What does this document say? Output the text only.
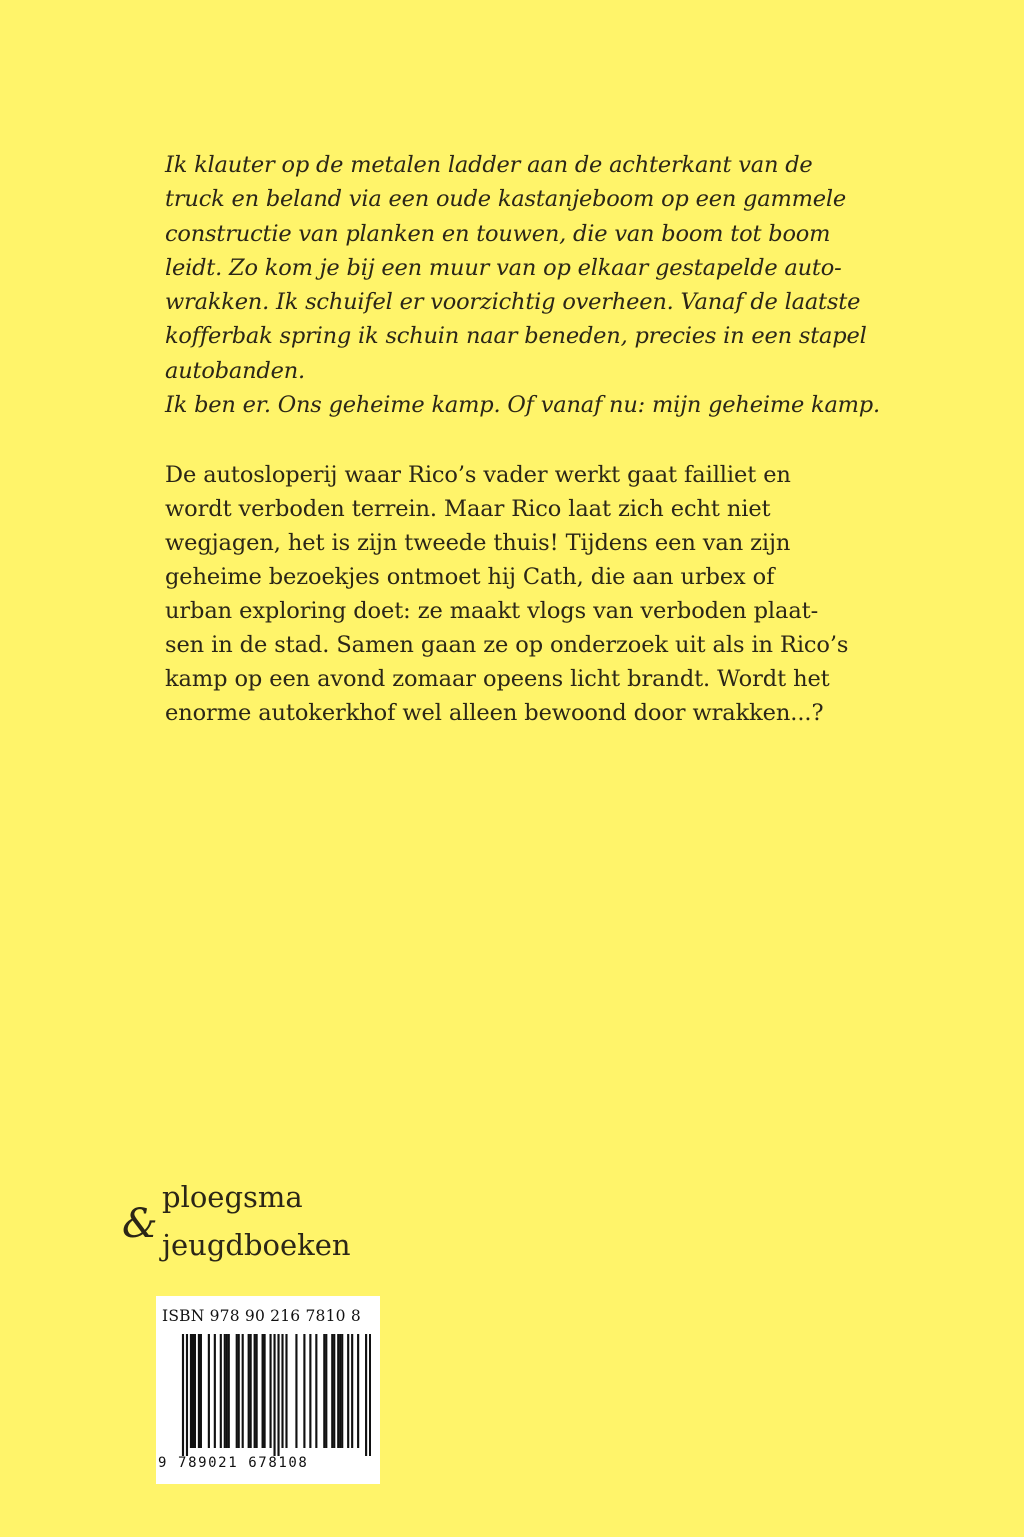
Ik klauter op de metalen ladder aan de achterkant van de
truck en beland via een oude kastanjeboom op een gammele
constructie van planken en touwen, die van boom tot boom
leidt. Zo kom je bij een muur van op elkaar gestapelde auto-
wrakken. Ik schuifel er voorzichtig overheen. Vanaf de laatste
kofferbak spring ik schuin naar beneden, precies in een stapel
autobanden.
Ik ben er. Ons geheime kamp. Of vanaf nu: mijn geheime kamp.
De autosloperij waar Rico’s vader werkt gaat failliet en
wordt verboden terrein. Maar Rico laat zich echt niet
wegjagen, het is zijn tweede thuis! Tijdens een van zijn
geheime bezoekjes ontmoet hij Cath, die aan urbex of
urban exploring doet: ze maakt vlogs van verboden plaat-
sen in de stad. Samen gaan ze op onderzoek uit als in Rico’s
kamp op een avond zomaar opeens licht brandt. Wordt het
enorme autokerkhof wel alleen bewoond door wrakken...?
&
ploegsma
jeugdboeken
ISBN 978 90 216 7810 8
9 789021 678108
